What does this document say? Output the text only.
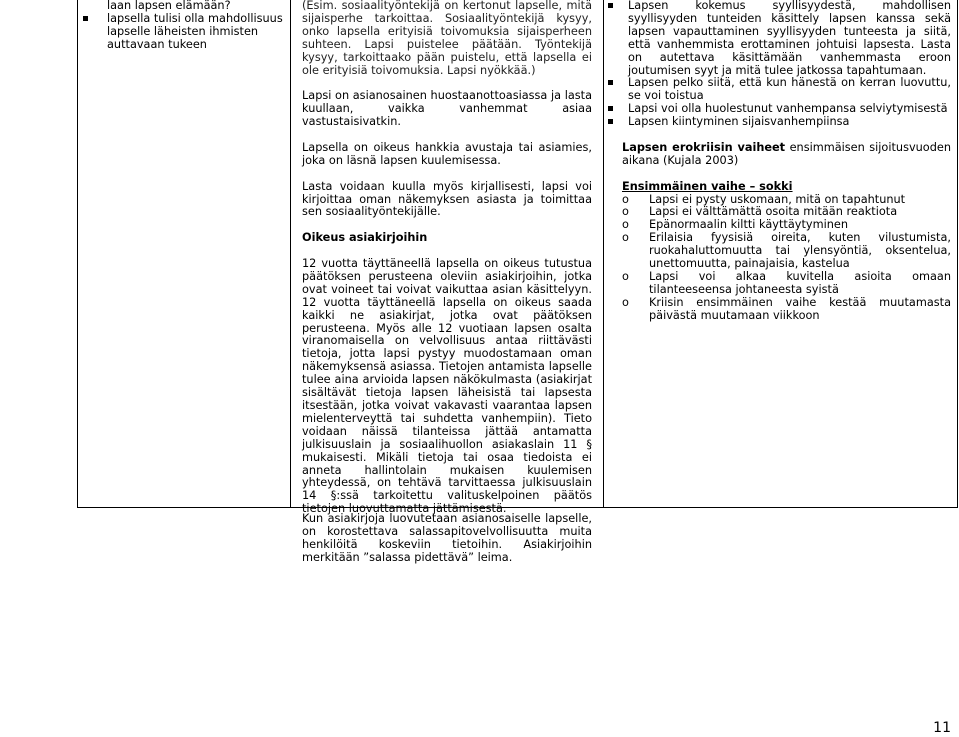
laan lapsen elämään?

lapsella tulisi olla mahdollisuus lapselle läheisten ihmisten auttavaan tukeen

(Esim. sosiaalityöntekijä on kertonut lapselle, mitä sijaisperhe tarkoittaa. Sosiaalityöntekijä kysyy, onko lapsella erityisiä toivomuksia sijaisperheen suhteen. Lapsi puistelee päätään. Työntekijä kysyy, tarkoittaako pään puistelu, että lapsella ei ole erityisiä toivomuksia. Lapsi nyökkää.)

Lapsi on asianosainen huostaanottoasiassa ja lasta kuullaan, vaikka vanhemmat asiaa vastustaisivatkin.

Lapsella on oikeus hankkia avustaja tai asiamies, joka on läsnä lapsen kuulemisessa.

Lasta voidaan kuulla myös kirjallisesti, lapsi voi kirjoittaa oman näkemyksen asiasta ja toimittaa sen sosiaalityöntekijälle.

Oikeus asiakirjoihin

12 vuotta täyttäneellä lapsella on oikeus tutustua päätöksen perusteena oleviin asiakirjoihin, jotka ovat voineet tai voivat vaikuttaa asian käsittelyyn. 12 vuotta täyttäneellä lapsella on oikeus saada kaikki ne asiakirjat, jotka ovat päätöksen perusteena. Myös alle 12 vuotiaan lapsen osalta viranomaisella on velvollisuus antaa riittävästi tietoja, jotta lapsi pystyy muodostamaan oman näkemyksensä asiassa. Tietojen antamista lapselle tulee aina arvioida lapsen näkökulmasta (asiakirjat sisältävät tietoja lapsen läheisistä tai lapsesta itsestään, jotka voivat vakavasti vaarantaa lapsen mielenterveyttä tai suhdetta vanhempiin). Tieto voidaan näissä tilanteissa jättää antamatta julkisuuslain ja sosiaalihuollon asiakaslain 11 § mukaisesti. Mikäli tietoja tai osaa tiedoista ei anneta hallintolain mukaisen kuulemisen yhteydessä, on tehtävä tarvittaessa julkisuuslain 14 §:ssä tarkoitettu valituskelpoinen päätös tietojen luovuttamatta jättämisestä.

Lapsen kokemus syyllisyydestä, mahdollisen syyllisyyden tunteiden käsittely lapsen kanssa sekä lapsen vapauttaminen syyllisyyden tunteesta ja siitä, että vanhemmista erottaminen johtuisi lapsesta. Lasta on autettava käsittämään vanhemmasta eroon joutumisen syyt ja mitä tulee jatkossa tapahtumaan.

Lapsen pelko siitä, että kun hänestä on kerran luovuttu, se voi toistua

Lapsi voi olla huolestunut vanhempansa selviytymisestä

Lapsen kiintyminen sijaisvanhempiinsa

Lapsen erokriisin vaiheet ensimmäisen sijoitusvuoden aikana (Kujala 2003)

Ensimmäinen vaihe – sokki

o	Lapsi ei pysty uskomaan, mitä on tapahtunut

o	Lapsi ei välttämättä osoita mitään reaktiota

o	Epänormaalin kiltti käyttäytyminen

o	Erilaisia fyysisiä oireita, kuten vilustumista, ruokahaluttomuutta tai ylensyöntiä, oksentelua, unettomuutta, painajaisia, kastelua

o	Lapsi voi alkaa kuvitella asioita omaan tilanteeseensa johtaneesta syistä

o	Kriisin ensimmäinen vaihe kestää muutamasta päivästä muutamaan viikkoon

Kun asiakirjoja luovutetaan asianosaiselle lapselle, on korostettava salassapitovelvollisuutta muita henkilöitä koskeviin tietoihin. Asiakirjoihin merkitään ”salassa pidettävä” leima.

11
